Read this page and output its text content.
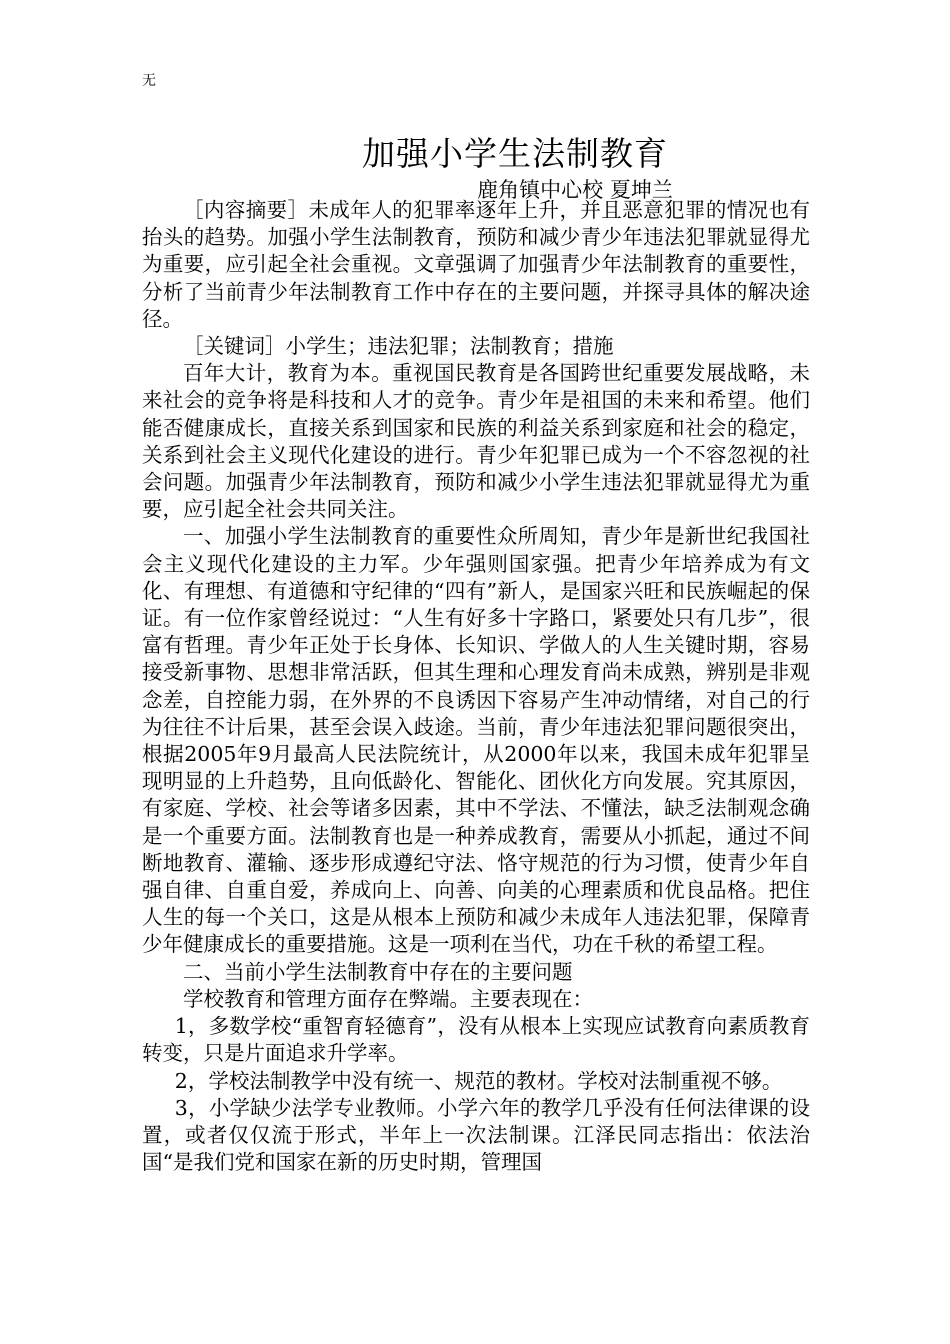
无
加强小学生法制教育
鹿角镇中心校 夏坤兰

［内容摘要］未成年人的犯罪率逐年上升，并且恶意犯罪的情况也有抬头的趋势。加强小学生法制教育，预防和减少青少年违法犯罪就显得尤为重要，应引起全社会重视。文章强调了加强青少年法制教育的重要性，分析了当前青少年法制教育工作中存在的主要问题，并探寻具体的解决途径。

［关键词］小学生；违法犯罪；法制教育；措施

百年大计，教育为本。重视国民教育是各国跨世纪重要发展战略，未来社会的竞争将是科技和人才的竞争。青少年是祖国的未来和希望。他们能否健康成长，直接关系到国家和民族的利益关系到家庭和社会的稳定，关系到社会主义现代化建设的进行。青少年犯罪已成为一个不容忽视的社会问题。加强青少年法制教育，预防和减少小学生违法犯罪就显得尤为重要，应引起全社会共同关注。

一、加强小学生法制教育的重要性众所周知，青少年是新世纪我国社会主义现代化建设的主力军。少年强则国家强。把青少年培养成为有文化、有理想、有道德和守纪律的“四有”新人，是国家兴旺和民族崛起的保证。有一位作家曾经说过：“人生有好多十字路口，紧要处只有几步”，很富有哲理。青少年正处于长身体、长知识、学做人的人生关键时期，容易接受新事物、思想非常活跃，但其生理和心理发育尚未成熟，辨别是非观念差，自控能力弱，在外界的不良诱因下容易产生冲动情绪，对自己的行为往往不计后果，甚至会误入歧途。当前，青少年违法犯罪问题很突出，根据2005年9月最高人民法院统计，从2000年以来，我国未成年犯罪呈现明显的上升趋势，且向低龄化、智能化、团伙化方向发展。究其原因，有家庭、学校、社会等诸多因素，其中不学法、不懂法，缺乏法制观念确是一个重要方面。法制教育也是一种养成教育，需要从小抓起，通过不间断地教育、灌输、逐步形成遵纪守法、恪守规范的行为习惯，使青少年自强自律、自重自爱，养成向上、向善、向美的心理素质和优良品格。把住人生的每一个关口，这是从根本上预防和减少未成年人违法犯罪，保障青少年健康成长的重要措施。这是一项利在当代，功在千秋的希望工程。

二、当前小学生法制教育中存在的主要问题

学校教育和管理方面存在弊端。主要表现在：

1，多数学校“重智育轻德育”，没有从根本上实现应试教育向素质教育转变，只是片面追求升学率。

2，学校法制教学中没有统一、规范的教材。学校对法制重视不够。

3，小学缺少法学专业教师。小学六年的教学几乎没有任何法律课的设置，或者仅仅流于形式，半年上一次法制课。江泽民同志指出：依法治国“是我们党和国家在新的历史时期，管理国
